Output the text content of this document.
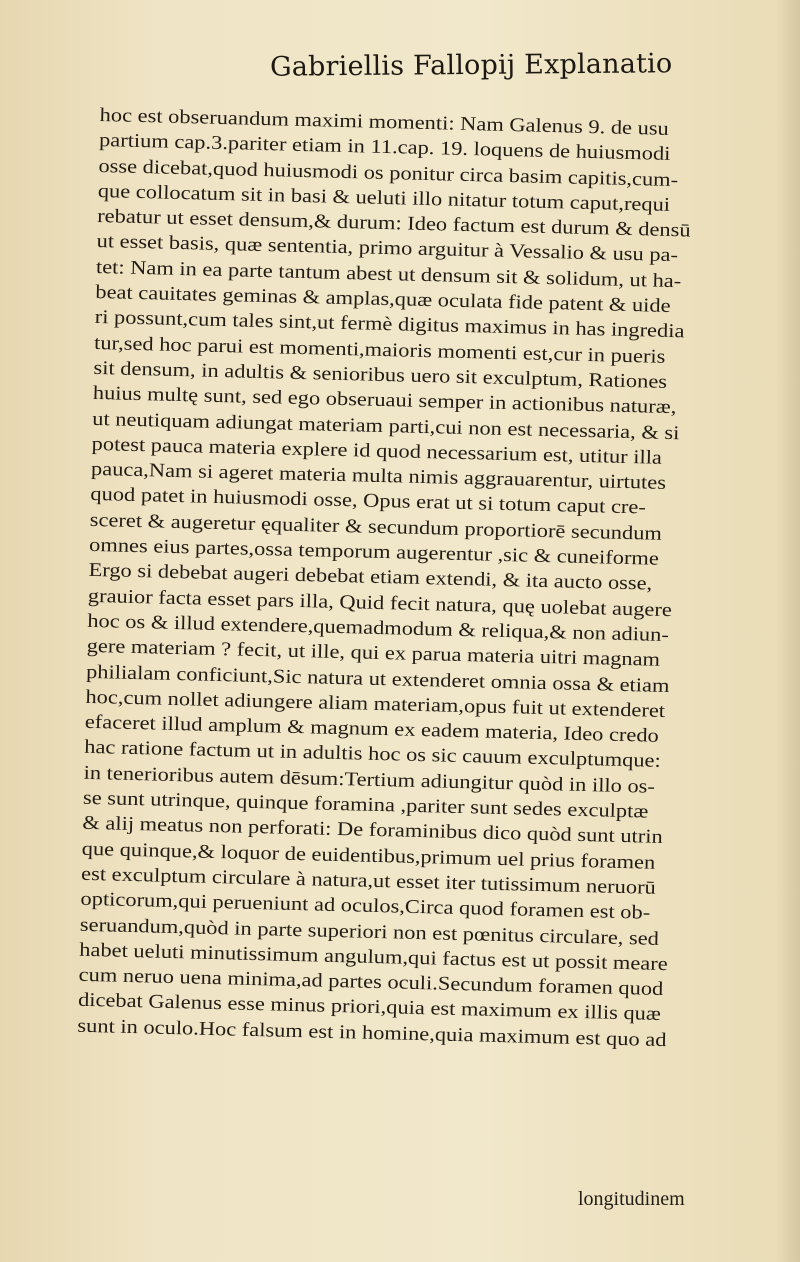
Gabriellis Fallopij Explanatio
hoc est obseruandum maximi momenti: Nam Galenus 9. de usu
partium cap.3.pariter etiam in 11.cap. 19. loquens de huiusmodi
osse dicebat,quod huiusmodi os ponitur circa basim capitis,cum-
que collocatum sit in basi & ueluti illo nitatur totum caput,requi
rebatur ut esset densum,& durum: Ideo factum est durum & densū
ut esset basis, quæ sententia, primo arguitur à Vessalio & usu pa-
tet: Nam in ea parte tantum abest ut densum sit & solidum, ut ha-
beat cauitates geminas & amplas,quæ oculata fide patent & uide
ri possunt,cum tales sint,ut fermè digitus maximus in has ingredia
tur,sed hoc parui est momenti,maioris momenti est,cur in pueris
sit densum, in adultis & senioribus uero sit exculptum, Rationes
huius multę sunt, sed ego obseruaui semper in actionibus naturæ,
ut neutiquam adiungat materiam parti,cui non est necessaria, & si
potest pauca materia explere id quod necessarium est, utitur illa
pauca,Nam si ageret materia multa nimis aggrauarentur, uirtutes
quod patet in huiusmodi osse, Opus erat ut si totum caput cre-
sceret & augeretur ęqualiter & secundum proportiorē secundum
omnes eius partes,ossa temporum augerentur ,sic & cuneiforme
Ergo si debebat augeri debebat etiam extendi, & ita aucto osse,
grauior facta esset pars illa, Quid fecit natura, quę uolebat augere
hoc os & illud extendere,quemadmodum & reliqua,& non adiun-
gere materiam ? fecit, ut ille, qui ex parua materia uitri magnam
philialam conficiunt,Sic natura ut extenderet omnia ossa & etiam
hoc,cum nollet adiungere aliam materiam,opus fuit ut extenderet
efaceret illud amplum & magnum ex eadem materia, Ideo credo
hac ratione factum ut in adultis hoc os sic cauum exculptumque:
in tenerioribus autem dēsum:Tertium adiungitur quòd in illo os-
se sunt utrinque, quinque foramina ,pariter sunt sedes exculptæ
& alij meatus non perforati: De foraminibus dico quòd sunt utrin
que quinque,& loquor de euidentibus,primum uel prius foramen
est exculptum circulare à natura,ut esset iter tutissimum neruorū
opticorum,qui perueniunt ad oculos,Circa quod foramen est ob-
seruandum,quòd in parte superiori non est pœnitus circulare, sed
habet ueluti minutissimum angulum,qui factus est ut possit meare
cum neruo uena minima,ad partes oculi.Secundum foramen quod
dicebat Galenus esse minus priori,quia est maximum ex illis quæ
sunt in oculo.Hoc falsum est in homine,quia maximum est quo ad
longitudinem
